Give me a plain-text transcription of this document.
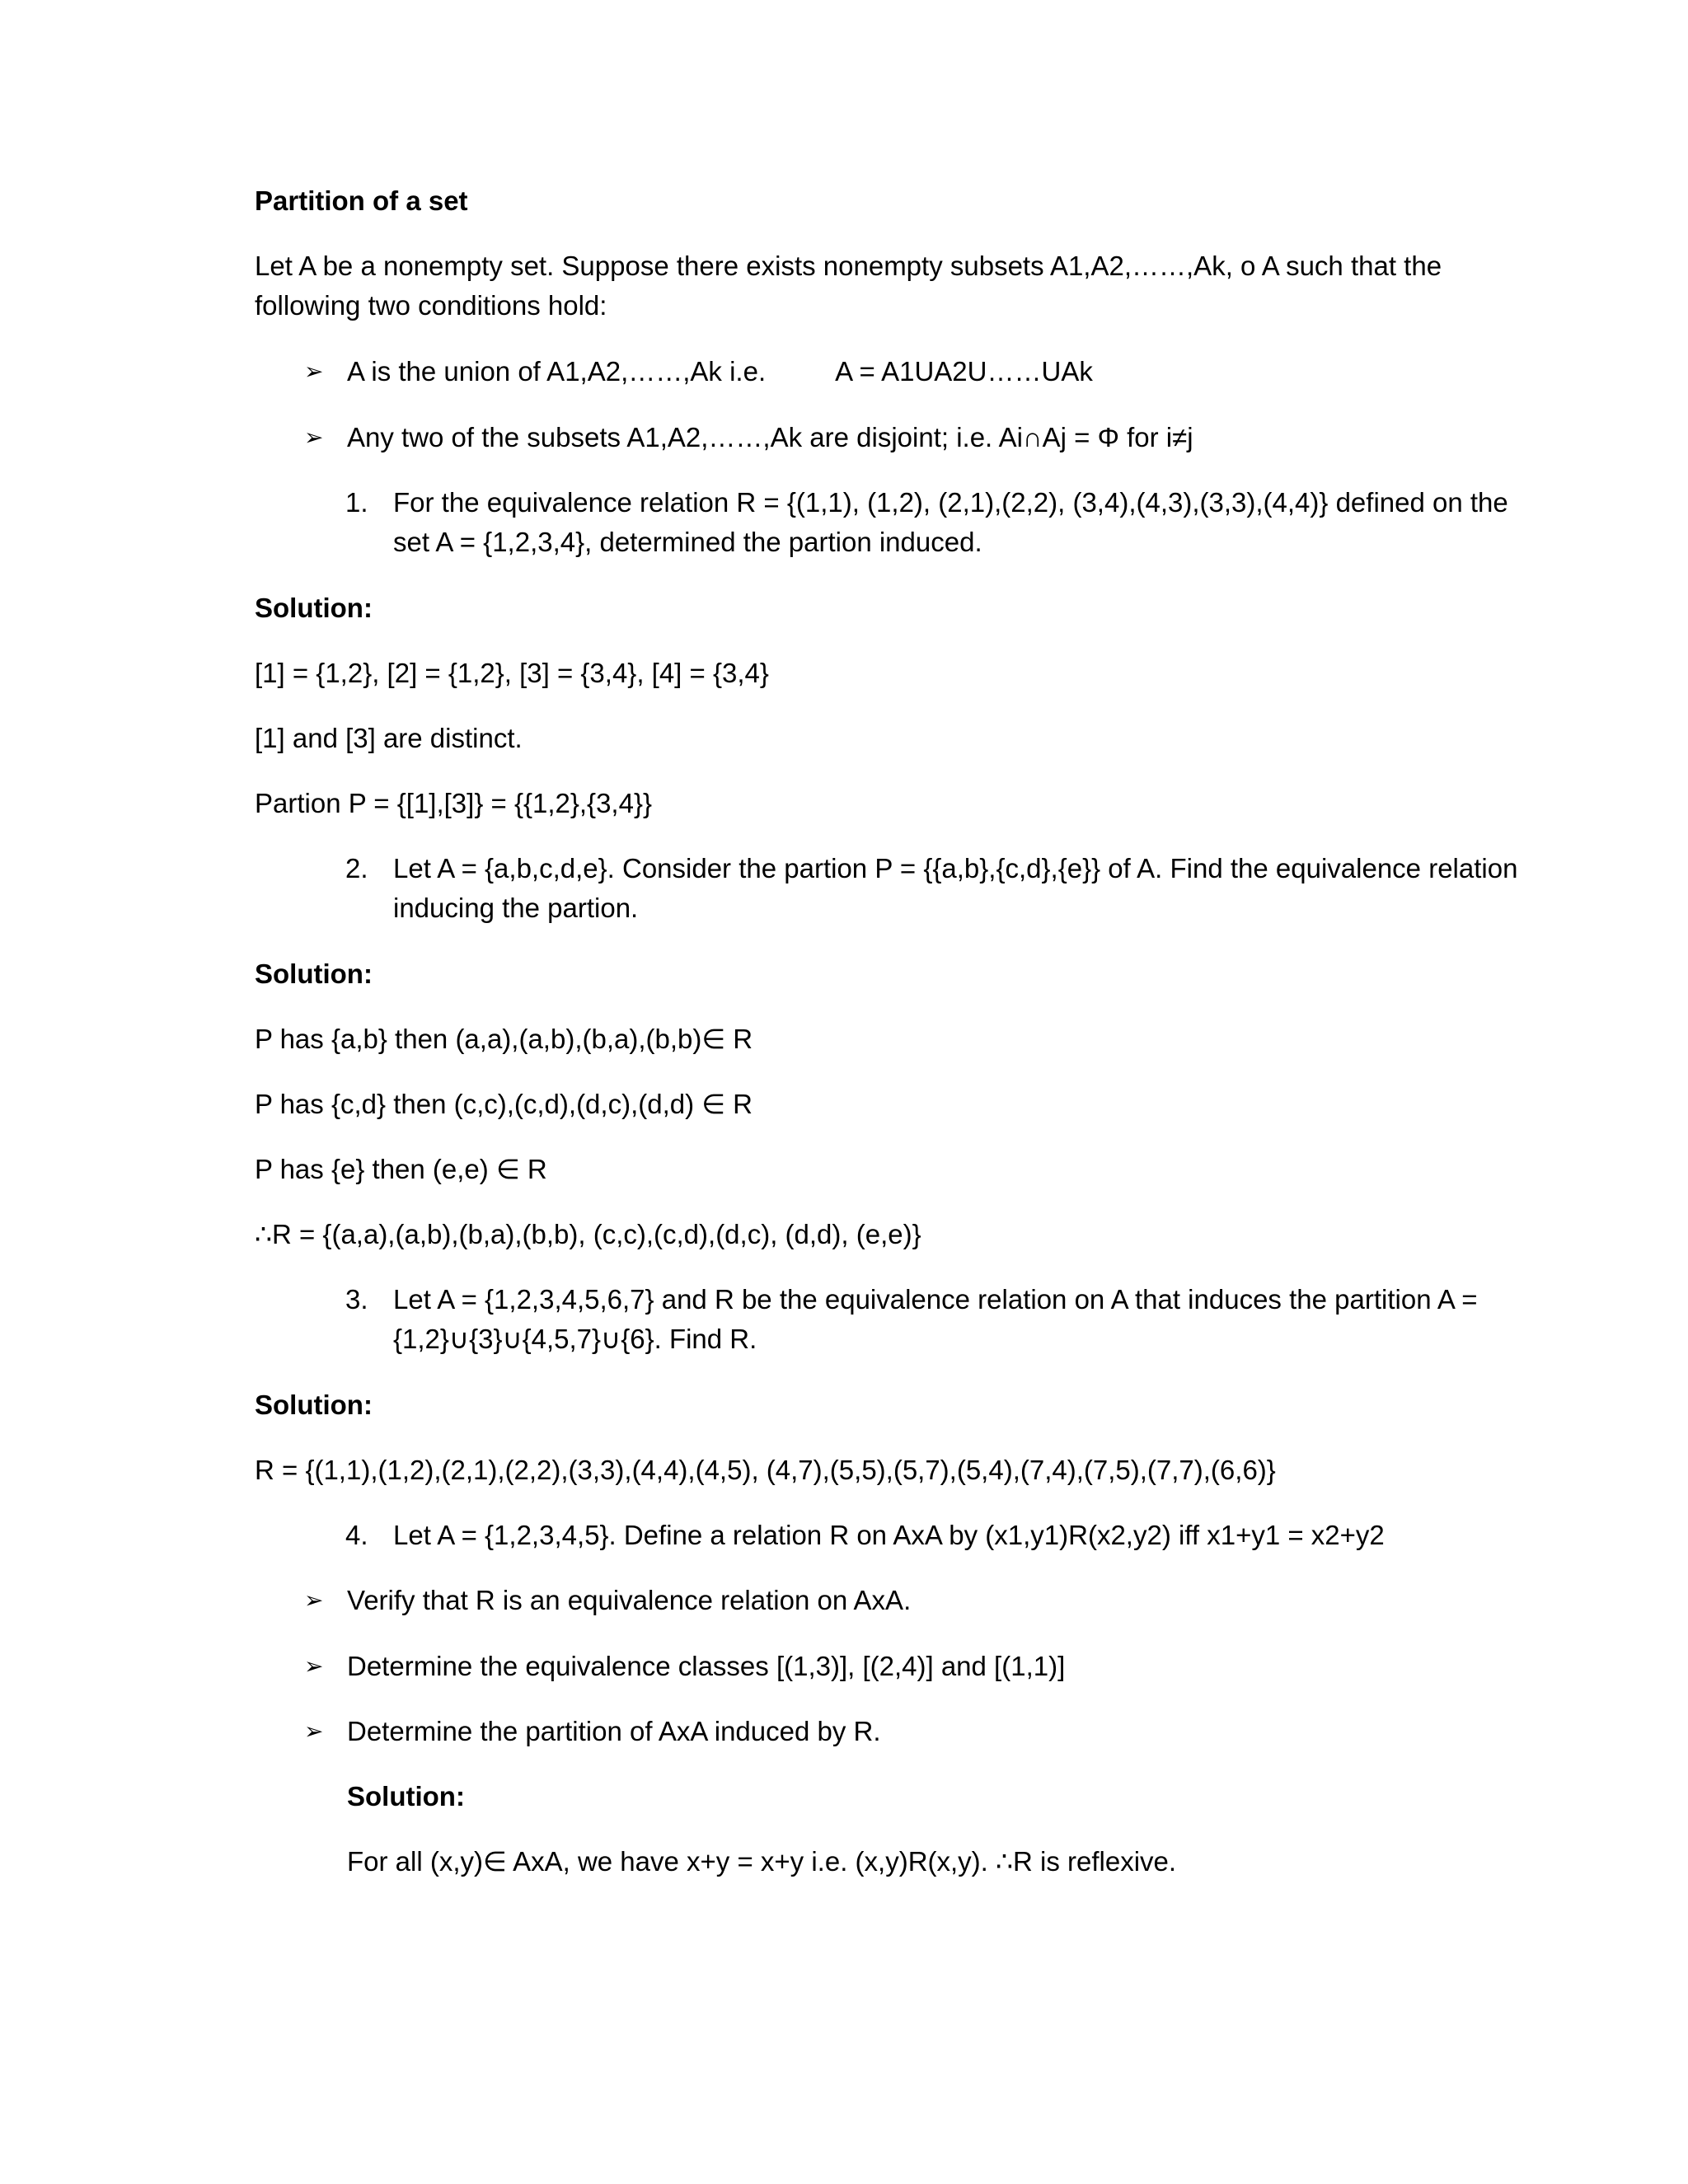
Partition of a set

Let A be a nonempty set. Suppose there exists nonempty subsets A1,A2,……,Ak, o A such that the

following two conditions hold:

➢ A is the union of A1,A2,……,Ak i.e.	A = A1UA2U……UAk

➢ Any two of the subsets A1,A2,……,Ak are disjoint; i.e. Ai∩Aj = Φ for i≠j

1. For the equivalence relation R = {(1,1), (1,2), (2,1),(2,2), (3,4),(4,3),(3,3),(4,4)} defined on the

set A = {1,2,3,4}, determined the partion induced.

Solution:

[1] = {1,2}, [2] = {1,2}, [3] = {3,4}, [4] = {3,4}

[1] and [3] are distinct.

Partion P = {[1],[3]} = {{1,2},{3,4}}

2. Let A = {a,b,c,d,e}. Consider the partion P = {{a,b},{c,d},{e}} of A. Find the equivalence relation

inducing the partion.

Solution:

P has {a,b} then (a,a),(a,b),(b,a),(b,b)∈ R

P has {c,d} then (c,c),(c,d),(d,c),(d,d) ∈ R

P has {e} then (e,e) ∈ R

∴R = {(a,a),(a,b),(b,a),(b,b), (c,c),(c,d),(d,c), (d,d), (e,e)}

3. Let A = {1,2,3,4,5,6,7} and R be the equivalence relation on A that induces the partition A =

{1,2}∪{3}∪{4,5,7}∪{6}. Find R.

Solution:

R = {(1,1),(1,2),(2,1),(2,2),(3,3),(4,4),(4,5), (4,7),(5,5),(5,7),(5,4),(7,4),(7,5),(7,7),(6,6)}

4. Let A = {1,2,3,4,5}. Define a relation R on AxA by (x1,y1)R(x2,y2) iff x1+y1 = x2+y2

➢ Verify that R is an equivalence relation on AxA.

➢ Determine the equivalence classes [(1,3)], [(2,4)] and [(1,1)]

➢ Determine the partition of AxA induced by R.

Solution:

For all (x,y)∈ AxA, we have x+y = x+y i.e. (x,y)R(x,y). ∴R is reflexive.
